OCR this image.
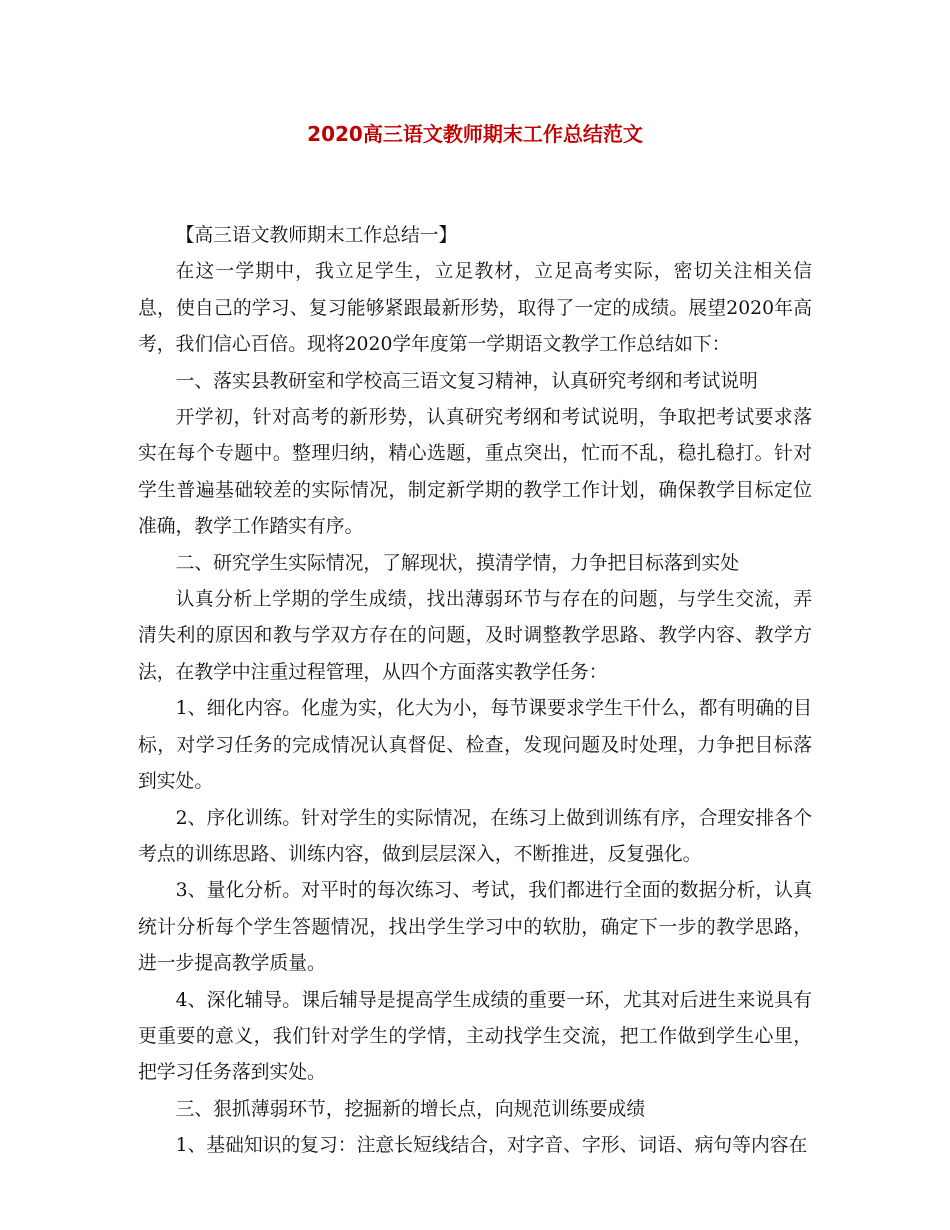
2020高三语文教师期末工作总结范文

【高三语文教师期末工作总结一】

在这一学期中，我立足学生，立足教材，立足高考实际，密切关注相关信息，使自己的学习、复习能够紧跟最新形势，取得了一定的成绩。展望2020年高考，我们信心百倍。现将2020学年度第一学期语文教学工作总结如下：

一、落实县教研室和学校高三语文复习精神，认真研究考纲和考试说明

开学初，针对高考的新形势，认真研究考纲和考试说明，争取把考试要求落实在每个专题中。整理归纳，精心选题，重点突出，忙而不乱，稳扎稳打。针对学生普遍基础较差的实际情况，制定新学期的教学工作计划，确保教学目标定位准确，教学工作踏实有序。

二、研究学生实际情况，了解现状，摸清学情，力争把目标落到实处

认真分析上学期的学生成绩，找出薄弱环节与存在的问题，与学生交流，弄清失利的原因和教与学双方存在的问题，及时调整教学思路、教学内容、教学方法，在教学中注重过程管理，从四个方面落实教学任务：

1、细化内容。化虚为实，化大为小，每节课要求学生干什么，都有明确的目标，对学习任务的完成情况认真督促、检查，发现问题及时处理，力争把目标落到实处。

2、序化训练。针对学生的实际情况，在练习上做到训练有序，合理安排各个考点的训练思路、训练内容，做到层层深入，不断推进，反复强化。

3、量化分析。对平时的每次练习、考试，我们都进行全面的数据分析，认真统计分析每个学生答题情况，找出学生学习中的软肋，确定下一步的教学思路，进一步提高教学质量。

4、深化辅导。课后辅导是提高学生成绩的重要一环，尤其对后进生来说具有更重要的意义，我们针对学生的学情，主动找学生交流，把工作做到学生心里，把学习任务落到实处。

三、狠抓薄弱环节，挖掘新的增长点，向规范训练要成绩

1、基础知识的复习：注意长短线结合，对字音、字形、词语、病句等内容在
